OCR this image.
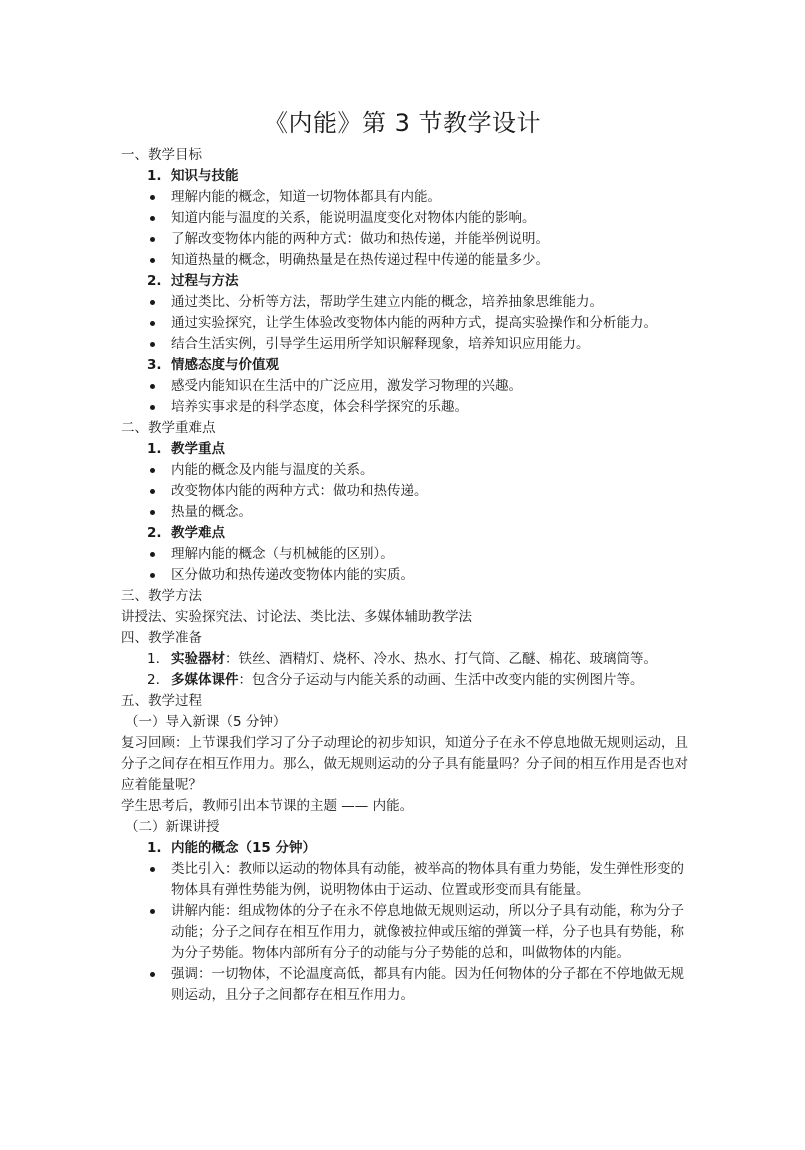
《内能》第 3 节教学设计
一、教学目标
1. 知识与技能
理解内能的概念，知道一切物体都具有内能。
知道内能与温度的关系，能说明温度变化对物体内能的影响。
了解改变物体内能的两种方式：做功和热传递，并能举例说明。
知道热量的概念，明确热量是在热传递过程中传递的能量多少。
2. 过程与方法
通过类比、分析等方法，帮助学生建立内能的概念，培养抽象思维能力。
通过实验探究，让学生体验改变物体内能的两种方式，提高实验操作和分析能力。
结合生活实例，引导学生运用所学知识解释现象，培养知识应用能力。
3. 情感态度与价值观
感受内能知识在生活中的广泛应用，激发学习物理的兴趣。
培养实事求是的科学态度，体会科学探究的乐趣。
二、教学重难点
1. 教学重点
内能的概念及内能与温度的关系。
改变物体内能的两种方式：做功和热传递。
热量的概念。
2. 教学难点
理解内能的概念（与机械能的区别）。
区分做功和热传递改变物体内能的实质。
三、教学方法
讲授法、实验探究法、讨论法、类比法、多媒体辅助教学法
四、教学准备
1. 实验器材：铁丝、酒精灯、烧杯、冷水、热水、打气筒、乙醚、棉花、玻璃筒等。
2. 多媒体课件：包含分子运动与内能关系的动画、生活中改变内能的实例图片等。
五、教学过程
（一）导入新课（5 分钟）
复习回顾：上节课我们学习了分子动理论的初步知识，知道分子在永不停息地做无规则运动，且分子之间存在相互作用力。那么，做无规则运动的分子具有能量吗？分子间的相互作用是否也对应着能量呢？
学生思考后，教师引出本节课的主题 —— 内能。
（二）新课讲授
1. 内能的概念（15 分钟）
类比引入：教师以运动的物体具有动能，被举高的物体具有重力势能，发生弹性形变的物体具有弹性势能为例，说明物体由于运动、位置或形变而具有能量。
讲解内能：组成物体的分子在永不停息地做无规则运动，所以分子具有动能，称为分子动能；分子之间存在相互作用力，就像被拉伸或压缩的弹簧一样，分子也具有势能，称为分子势能。物体内部所有分子的动能与分子势能的总和，叫做物体的内能。
强调：一切物体，不论温度高低，都具有内能。因为任何物体的分子都在不停地做无规则运动，且分子之间都存在相互作用力。
